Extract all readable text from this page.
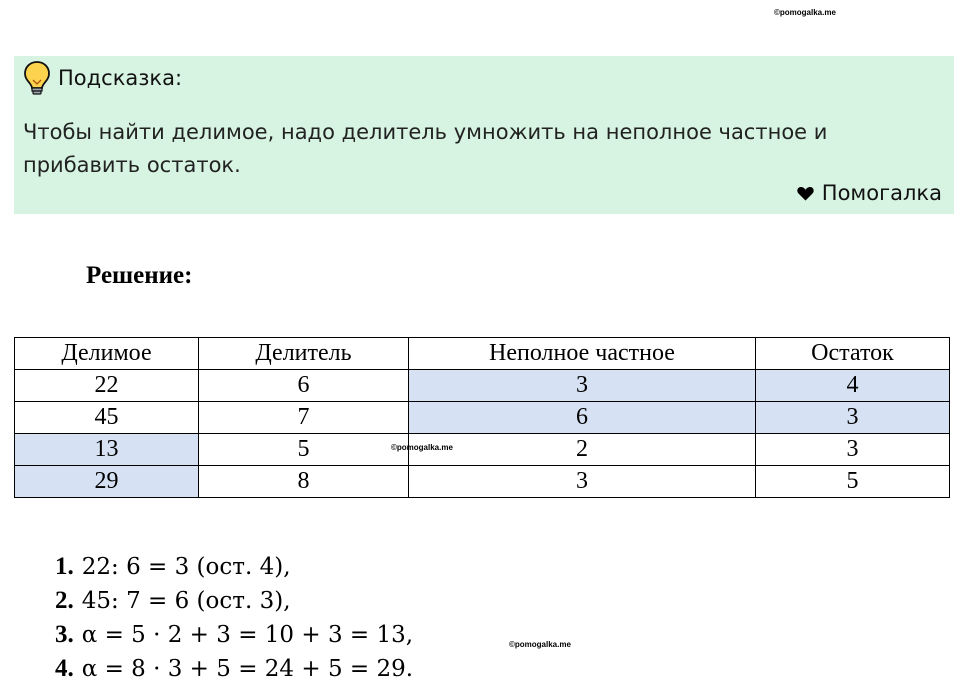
©pomogalka.me
Подсказка:
Чтобы найти делимое, надо делитель умножить на неполное частное и прибавить остаток.
Помогалка
Решение:
Делимое	Делитель	Неполное частное	Остаток
22	6	3	4
45	7	6	3
13	5	2	3
29	8	3	5
©pomogalka.me
1. 22: 6 = 3 (ост. 4),
2. 45: 7 = 6 (ост. 3),
3. α = 5 · 2 + 3 = 10 + 3 = 13,
4. α = 8 · 3 + 5 = 24 + 5 = 29.
©pomogalka.me
